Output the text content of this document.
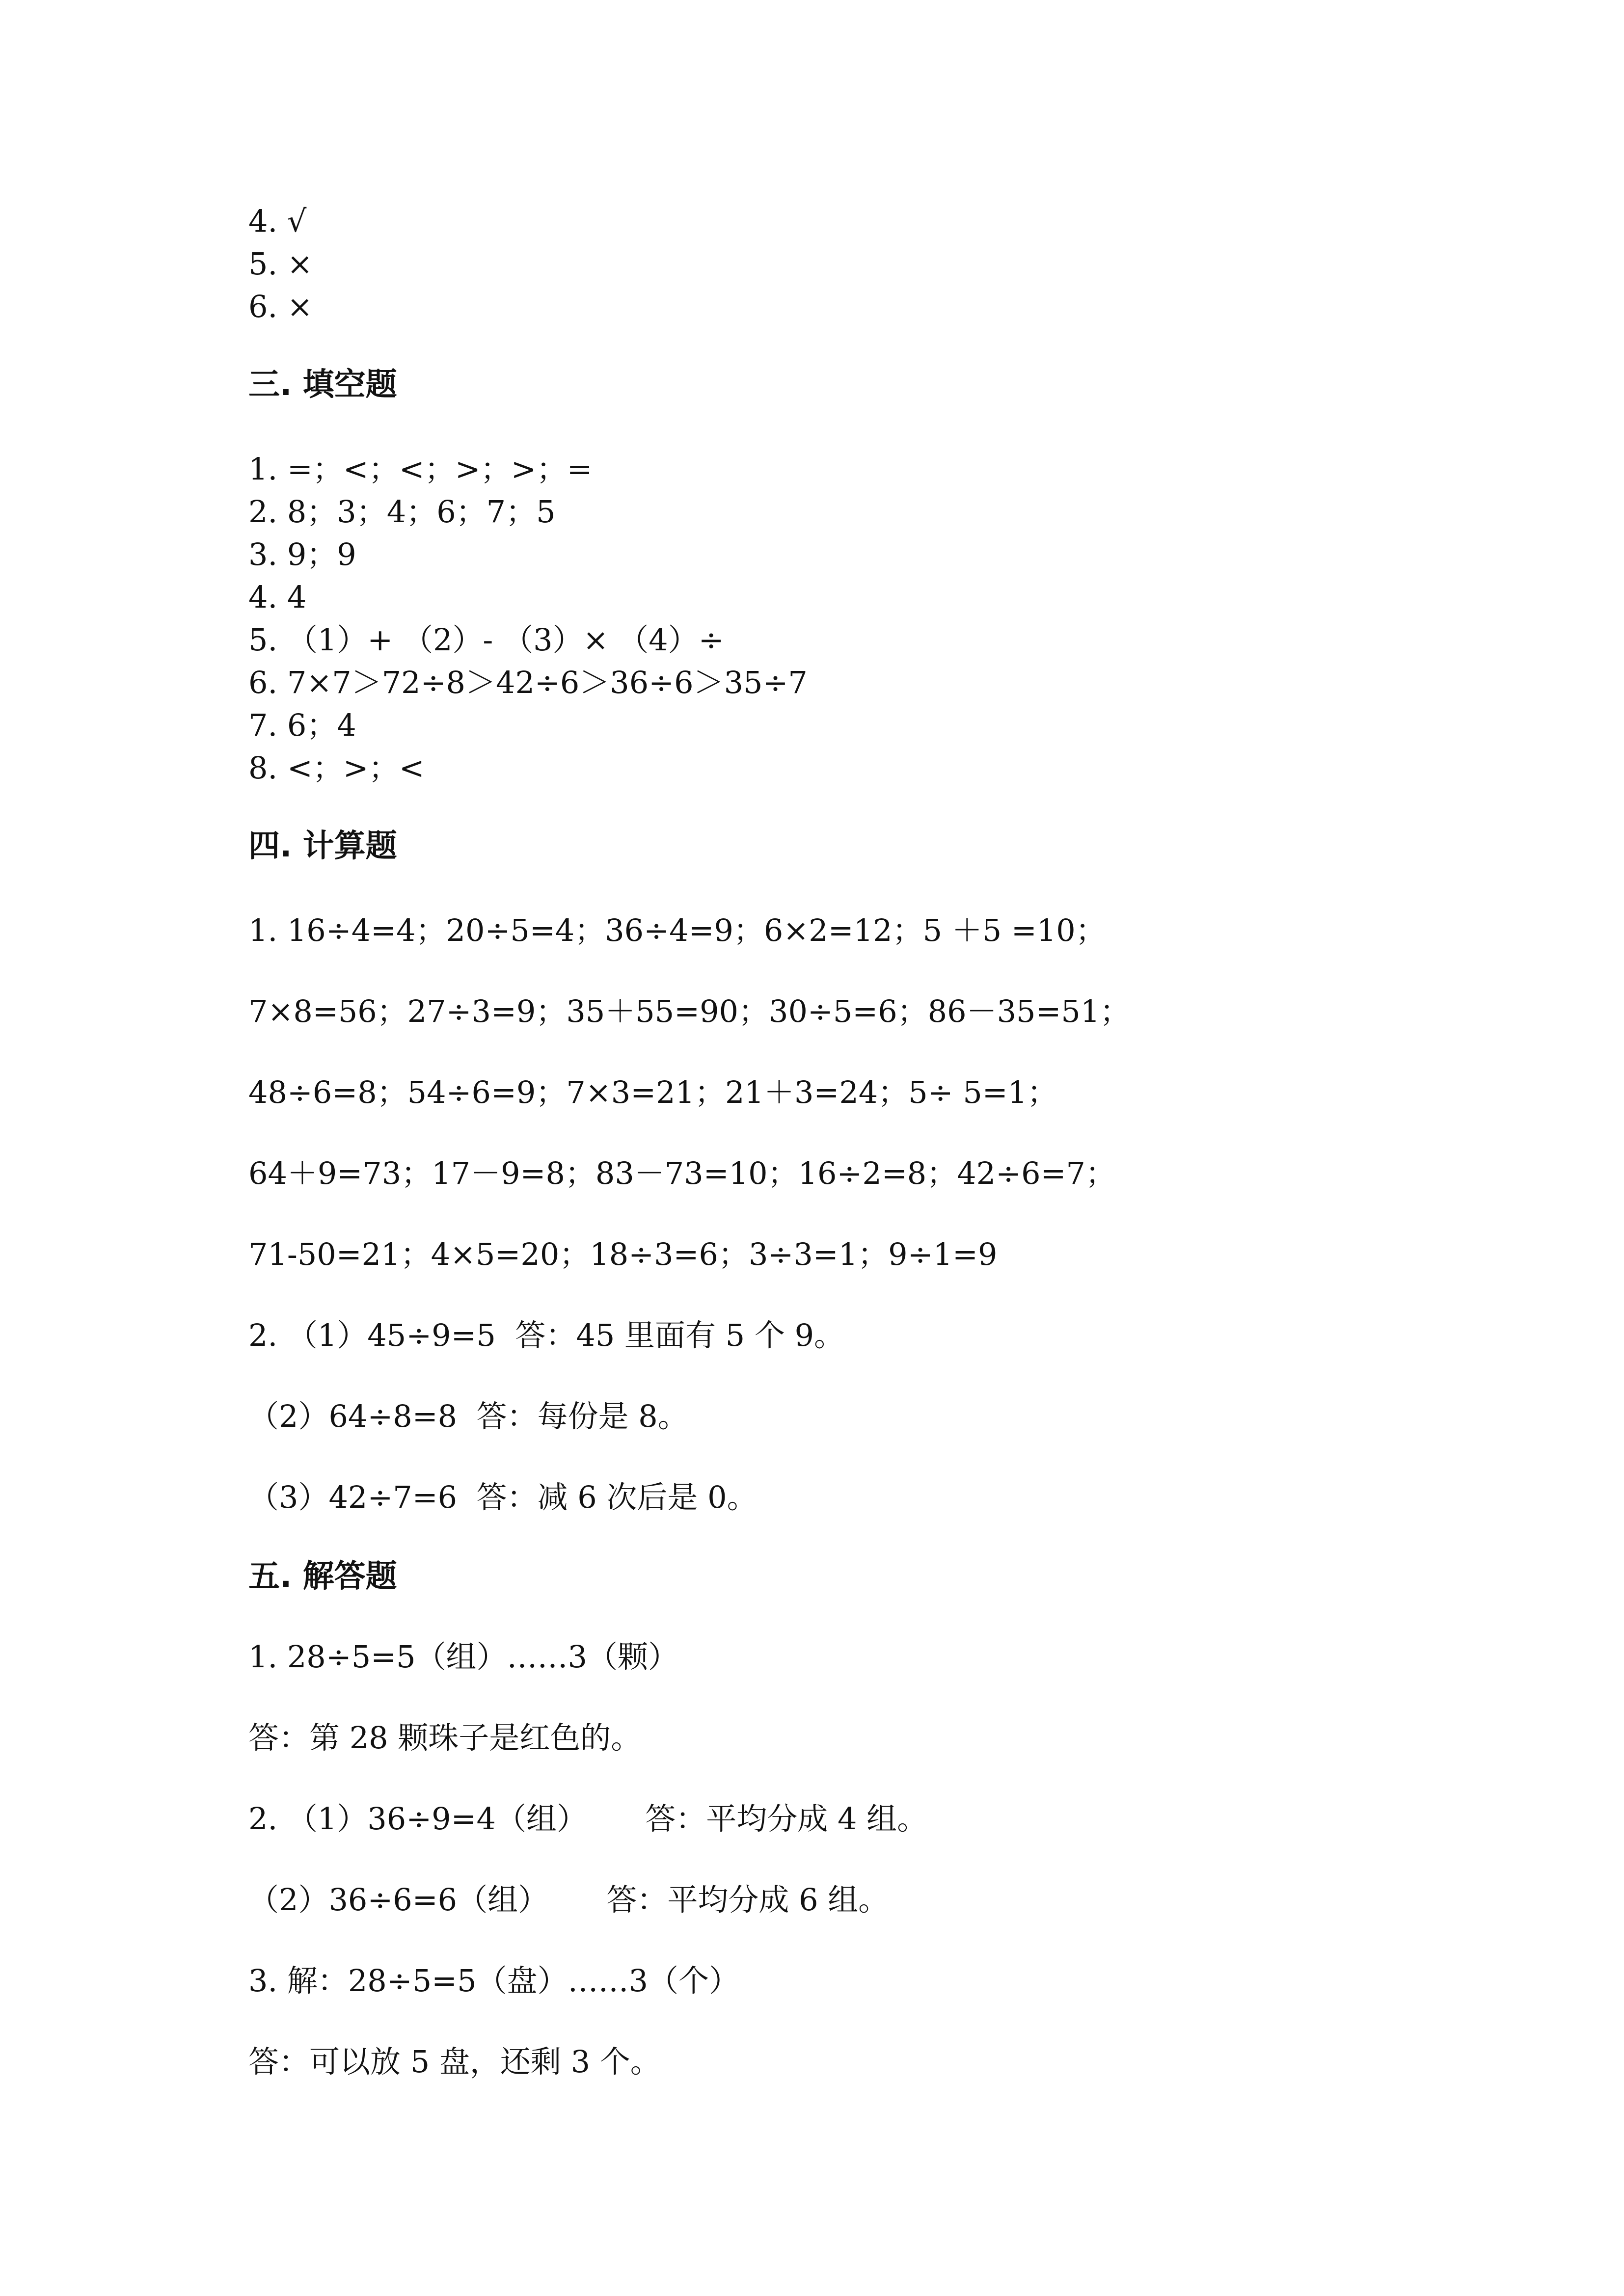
4. √
5. ×
6. ×
三. 填空题
1. =；<；<；>；>；=
2. 8；3；4；6；7；5
3. 9；9
4. 4
5. （1）+ （2）- （3）× （4）÷
6. 7×7＞72÷8＞42÷6＞36÷6＞35÷7
7. 6；4
8. <；>；<
四. 计算题
1. 16÷4=4；20÷5=4；36÷4=9；6×2=12；5 ＋5 =10；
7×8=56；27÷3=9；35＋55=90；30÷5=6；86－35=51；
48÷6=8；54÷6=9；7×3=21；21＋3=24；5÷ 5=1；
64＋9=73；17－9=8；83－73=10；16÷2=8；42÷6=7；
71-50=21；4×5=20；18÷3=6；3÷3=1；9÷1=9
2. （1）45÷9=5  答：45 里面有 5 个 9。
（2）64÷8=8  答：每份是 8。
（3）42÷7=6  答：减 6 次后是 0。
五. 解答题
1. 28÷5=5（组）……3（颗）
答：第 28 颗珠子是红色的。
2. （1）36÷9=4（组）      答：平均分成 4 组。
（2）36÷6=6（组）      答：平均分成 6 组。
3. 解：28÷5=5（盘）……3（个）
答：可以放 5 盘，还剩 3 个。
